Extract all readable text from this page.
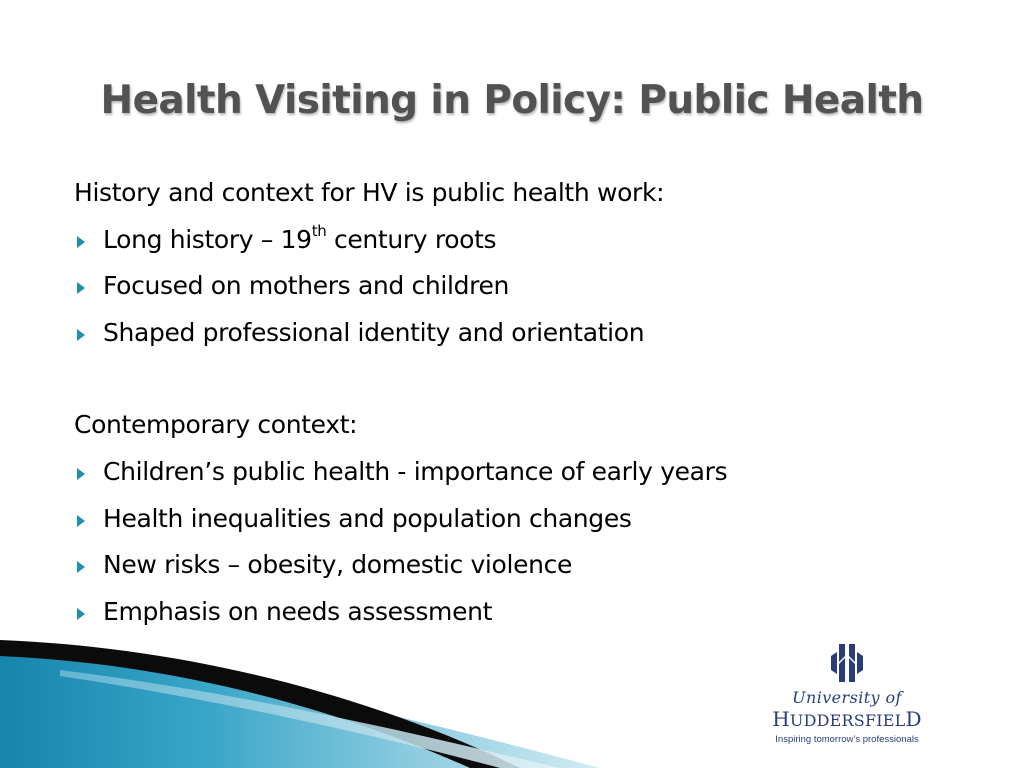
Health Visiting in Policy: Public Health
History and context for HV is public health work:
Long history – 19th century roots
Focused on mothers and children
Shaped professional identity and orientation
Contemporary context:
Children’s public health - importance of early years
Health inequalities and population changes
New risks – obesity, domestic violence
Emphasis on needs assessment
University of
HUDDERSFIELD
Inspiring tomorrow’s professionals
